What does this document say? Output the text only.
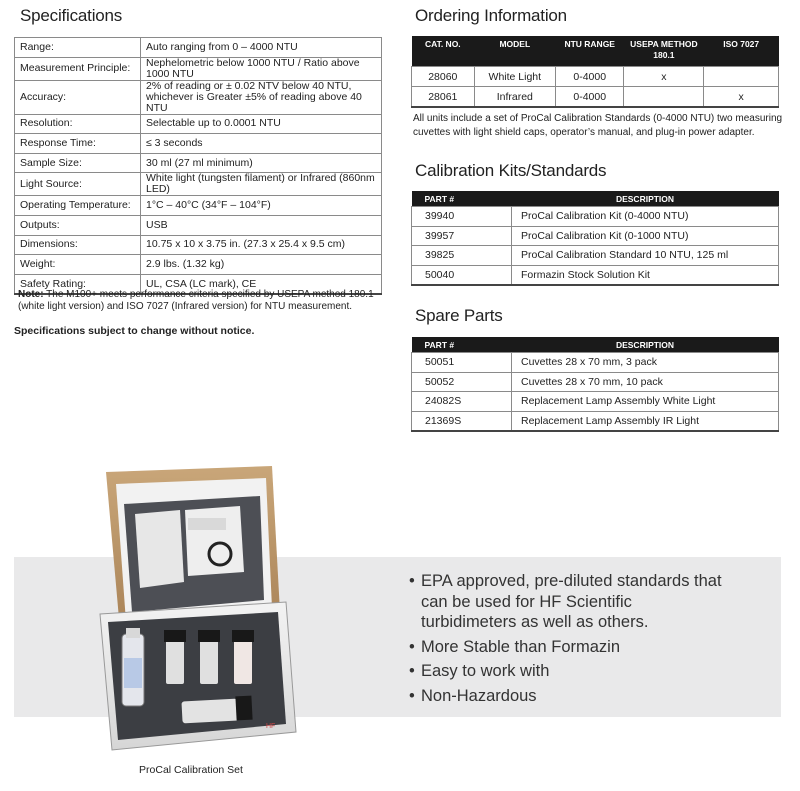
Specifications
Range:	Auto ranging from 0 – 4000 NTU
Measurement Principle:	Nephelometric below 1000 NTU / Ratio above 1000 NTU
Accuracy:	2% of reading or ± 0.02 NTV below 40 NTU, whichever is Greater ±5% of reading above 40 NTU
Resolution:	Selectable up to 0.0001 NTU
Response Time:	≤ 3 seconds
Sample Size:	30 ml (27 ml minimum)
Light Source:	White light (tungsten filament) or Infrared (860nm LED)
Operating Temperature:	1°C – 40°C (34°F – 104°F)
Outputs:	USB
Dimensions:	10.75 x 10 x 3.75 in. (27.3 x 25.4 x 9.5 cm)
Weight:	2.9 lbs. (1.32 kg)
Safety Rating:	UL, CSA (LC mark), CE
Note: The M100+ meets performance criteria specified by USEPA method 180.1 (white light version) and ISO 7027 (Infrared version) for NTU measurement.
Specifications subject to change without notice.
Ordering Information
CAT. NO.	MODEL	NTU RANGE	USEPA METHOD 180.1	ISO 7027
28060	White Light	0-4000	x	
28061	Infrared	0-4000		x
All units include a set of ProCal Calibration Standards (0-4000 NTU) two measuring cuvettes with light shield caps, operator’s manual, and plug-in power adapter.
Calibration Kits/Standards
PART #	DESCRIPTION
39940	ProCal Calibration Kit (0-4000 NTU)
39957	ProCal Calibration Kit (0-1000 NTU)
39825	ProCal Calibration Standard 10 NTU, 125 ml
50040	Formazin Stock Solution Kit
Spare Parts
PART #	DESCRIPTION
50051	Cuvettes 28 x 70 mm, 3 pack
50052	Cuvettes 28 x 70 mm, 10 pack
24082S	Replacement Lamp Assembly White Light
21369S	Replacement Lamp Assembly IR Light
• EPA approved, pre-diluted standards that can be used for HF Scientific turbidimeters as well as others.
• More Stable than Formazin
• Easy to work with
• Non-Hazardous
HF
ProCal Calibration Set
